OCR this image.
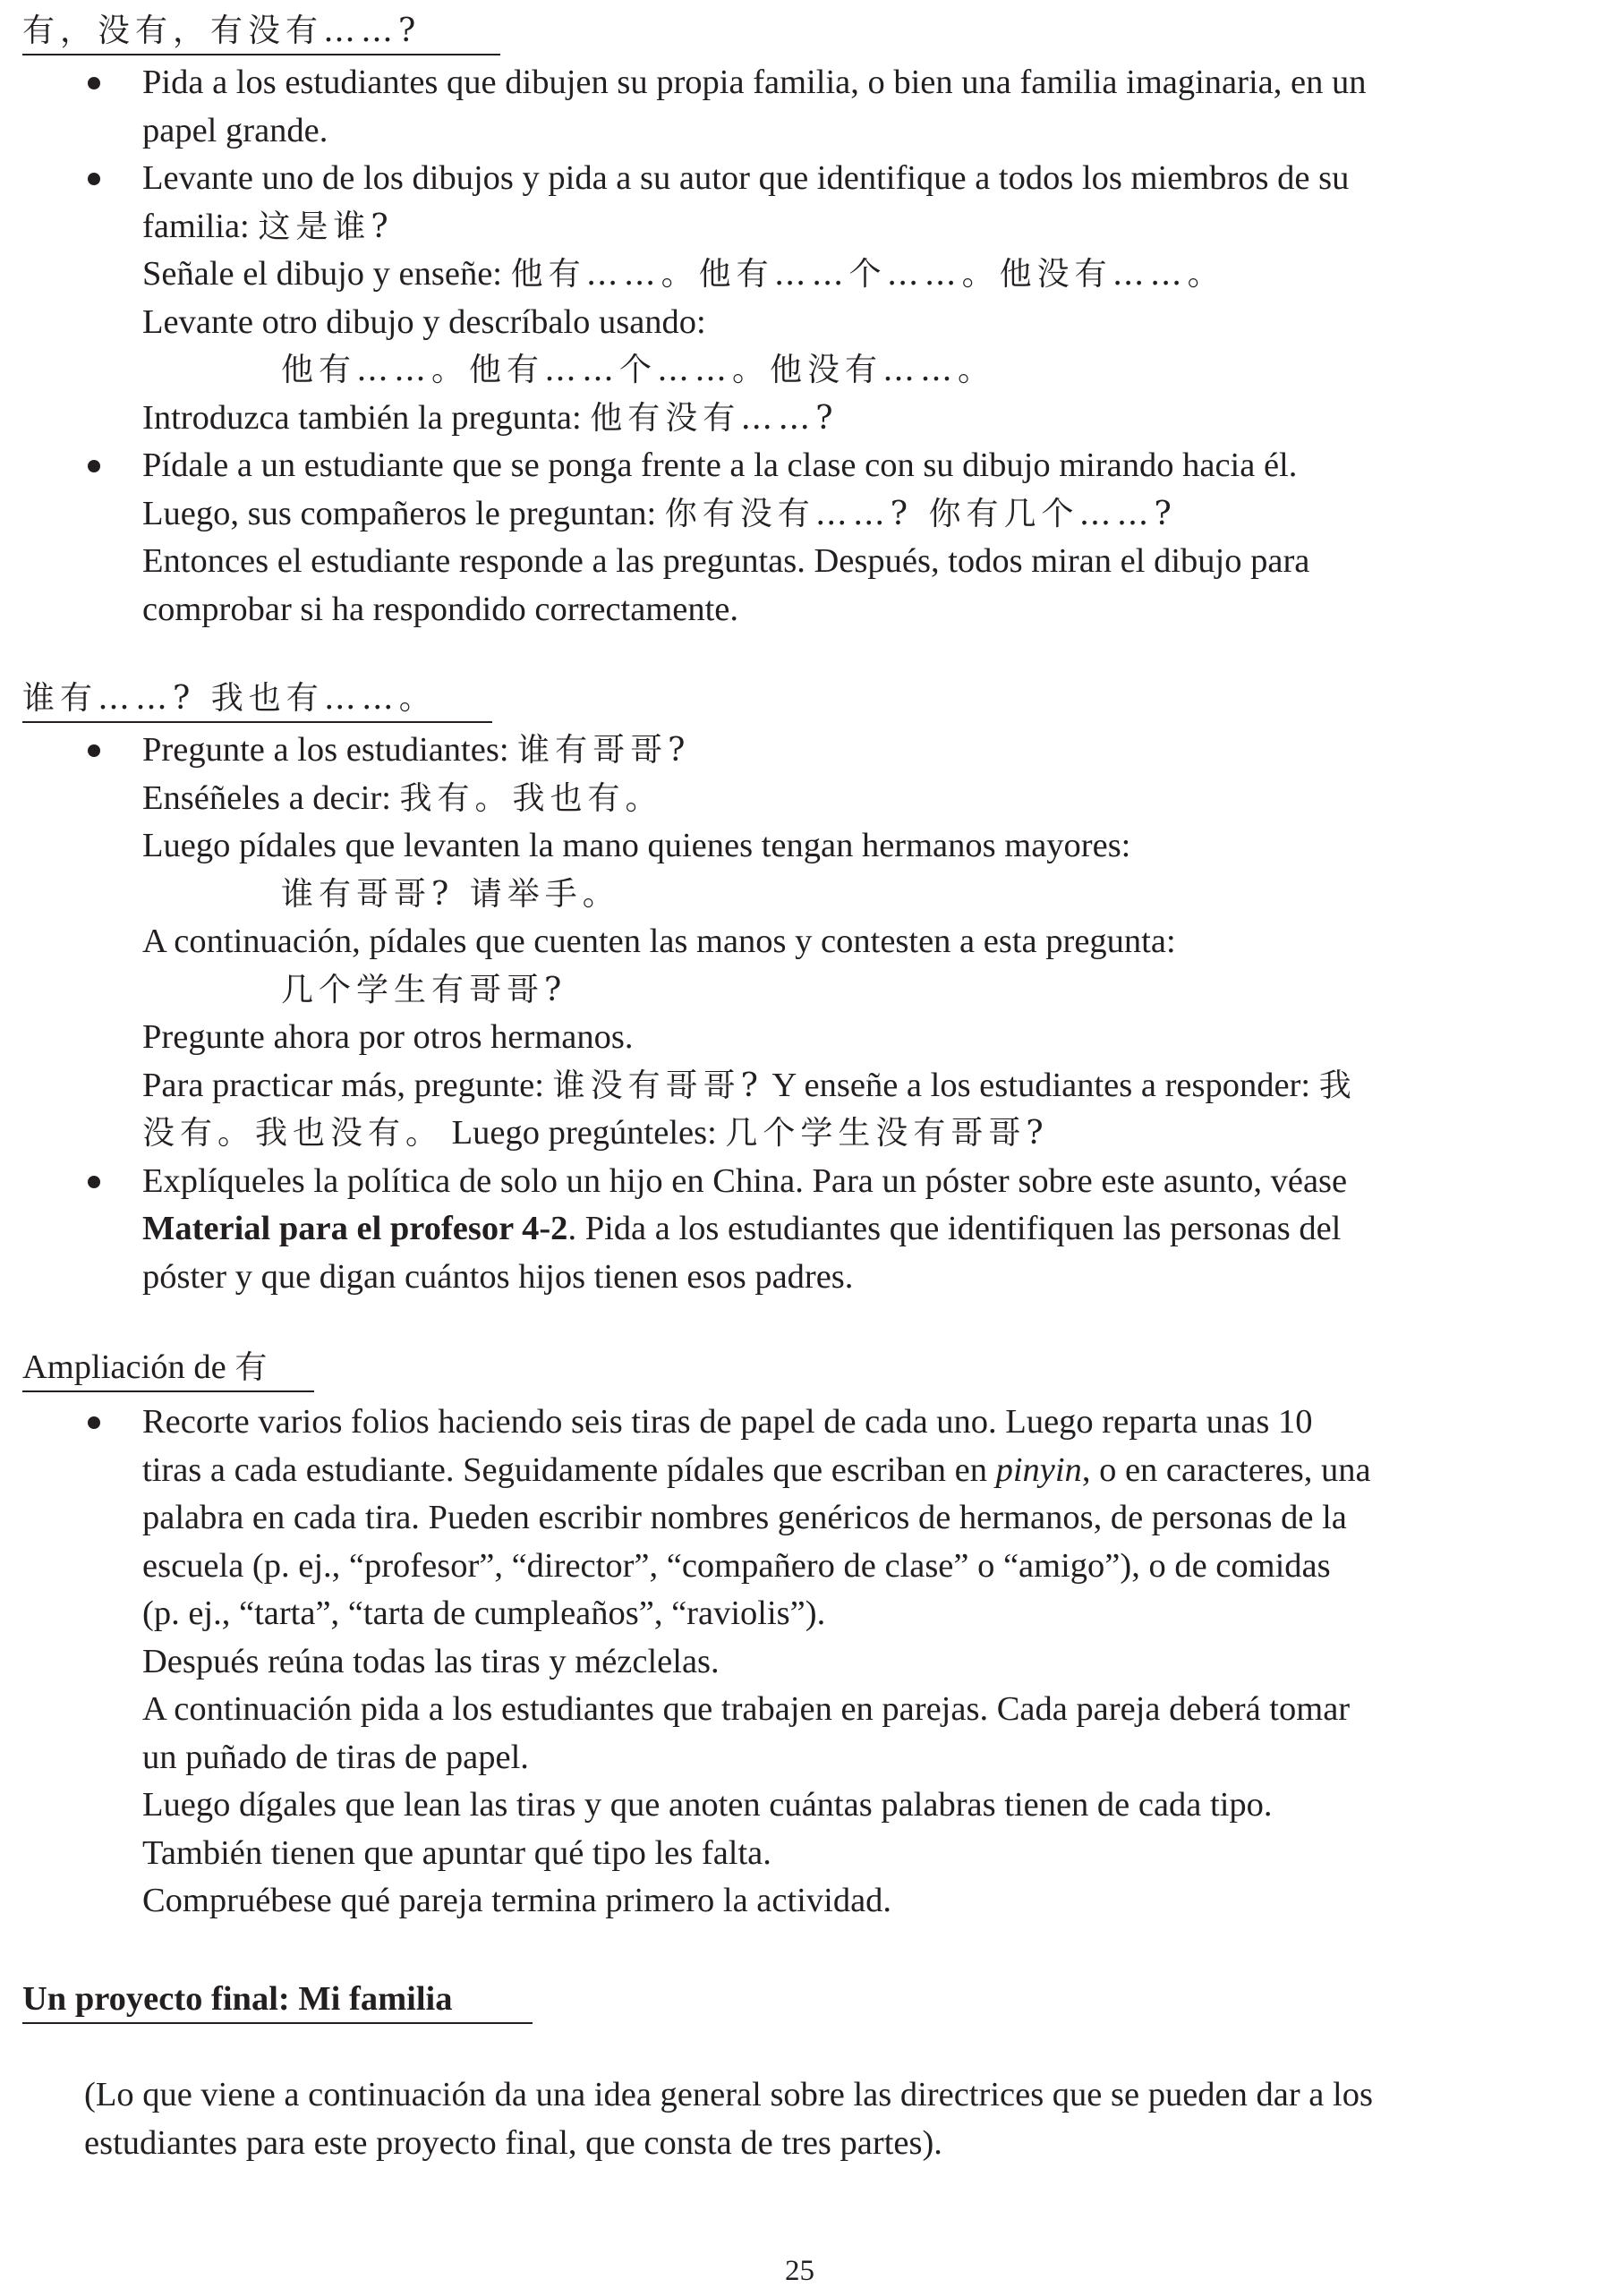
有，没有，有没有……?
Pida a los estudiantes que dibujen su propia familia, o bien una familia imaginaria, en un
papel grande.
Levante uno de los dibujos y pida a su autor que identifique a todos los miembros de su
familia: 这是谁?
Señale el dibujo y enseñe: 他有……。他有……个……。他没有……。
Levante otro dibujo y descríbalo usando:
他有……。他有……个……。他没有……。
Introduzca también la pregunta: 他有没有……?
Pídale a un estudiante que se ponga frente a la clase con su dibujo mirando hacia él.
Luego, sus compañeros le preguntan: 你有没有……? 你有几个……?
Entonces el estudiante responde a las preguntas. Después, todos miran el dibujo para
comprobar si ha respondido correctamente.
谁有……? 我也有……。
Pregunte a los estudiantes: 谁有哥哥?
Enséñeles a decir: 我有。我也有。
Luego pídales que levanten la mano quienes tengan hermanos mayores:
谁有哥哥? 请举手。
A continuación, pídales que cuenten las manos y contesten a esta pregunta:
几个学生有哥哥?
Pregunte ahora por otros hermanos.
Para practicar más, pregunte: 谁没有哥哥? Y enseñe a los estudiantes a responder: 我
没有。我也没有。 Luego pregúnteles: 几个学生没有哥哥?
Explíqueles la política de solo un hijo en China. Para un póster sobre este asunto, véase
Material para el profesor 4-2. Pida a los estudiantes que identifiquen las personas del
póster y que digan cuántos hijos tienen esos padres.
Ampliación de 有
Recorte varios folios haciendo seis tiras de papel de cada uno. Luego reparta unas 10
tiras a cada estudiante. Seguidamente pídales que escriban en pinyin, o en caracteres, una
palabra en cada tira. Pueden escribir nombres genéricos de hermanos, de personas de la
escuela (p. ej., “profesor”, “director”, “compañero de clase” o “amigo”), o de comidas
(p. ej., “tarta”, “tarta de cumpleaños”, “raviolis”).
Después reúna todas las tiras y mézclelas.
A continuación pida a los estudiantes que trabajen en parejas. Cada pareja deberá tomar
un puñado de tiras de papel.
Luego dígales que lean las tiras y que anoten cuántas palabras tienen de cada tipo.
También tienen que apuntar qué tipo les falta.
Compruébese qué pareja termina primero la actividad.
Un proyecto final: Mi familia
(Lo que viene a continuación da una idea general sobre las directrices que se pueden dar a los
estudiantes para este proyecto final, que consta de tres partes).
25
